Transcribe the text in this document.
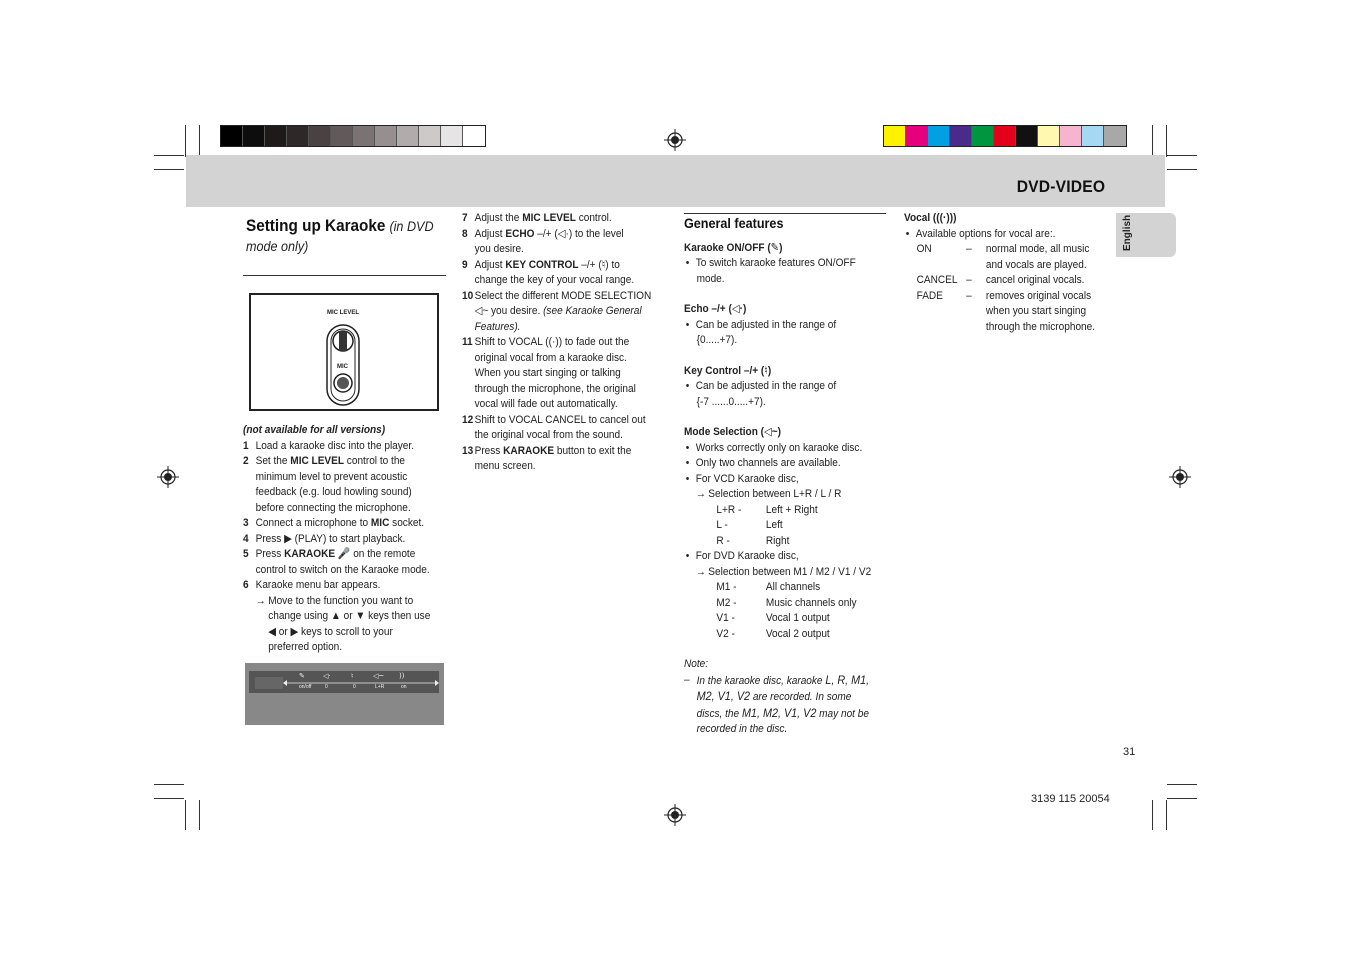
DVD-VIDEO
English
Setting up Karaoke (in DVD
mode only)
MIC LEVEL
MIC
(not available for all versions)
1 Load a karaoke disc into the player.
2 Set the MIC LEVEL control to the
minimum level to prevent acoustic
feedback (e.g. loud howling sound)
before connecting the microphone.
3 Connect a microphone to MIC socket.
4 Press ▶ (PLAY) to start playback.
5 Press KARAOKE 🎤 on the remote
control to switch on the Karaoke mode.
6 Karaoke menu bar appears.
→ Move to the function you want to
change using ▲ or ▼ keys then use
◀ or ▶ keys to scroll to your
preferred option.
✎	◁·	♮	◁~ ))
on/off	0	0	L+R	on
7 Adjust the MIC LEVEL control.
8 Adjust ECHO –/+ (◁·) to the level
you desire.
9 Adjust KEY CONTROL –/+ (♮) to
change the key of your vocal range.
10 Select the different MODE SELECTION
◁~ you desire. (see Karaoke General
Features).
11 Shift to VOCAL ((·)) to fade out the
original vocal from a karaoke disc.
When you start singing or talking
through the microphone, the original
vocal will fade out automatically.
12 Shift to VOCAL CANCEL to cancel out
the original vocal from the sound.
13 Press KARAOKE button to exit the
menu screen.
General features
Karaoke ON/OFF (✎)
• To switch karaoke features ON/OFF
mode.
Echo –/+ (◁·)
• Can be adjusted in the range of
{0.....+7).
Key Control –/+ (♮)
• Can be adjusted in the range of
{-7 ......0.....+7).
Mode Selection (◁~)
• Works correctly only on karaoke disc.
• Only two channels are available.
• For VCD Karaoke disc,
→ Selection between L+R / L / R
L+R -	Left + Right
L -	Left
R -	Right
• For DVD Karaoke disc,
→ Selection between M1 / M2 / V1 / V2
M1 -	All channels
M2 -	Music channels only
V1 -	Vocal 1 output
V2 -	Vocal 2 output
Note:
– In the karaoke disc, karaoke L, R, M1,
M2, V1, V2 are recorded. In some
discs, the M1, M2, V1, V2 may not be
recorded in the disc.
Vocal (((·)))
• Available options for vocal are:.
ON	–	normal mode, all music
and vocals are played.
CANCEL –	cancel original vocals.
FADE	–	removes original vocals
when you start singing
through the microphone.
31
3139 115 20054
